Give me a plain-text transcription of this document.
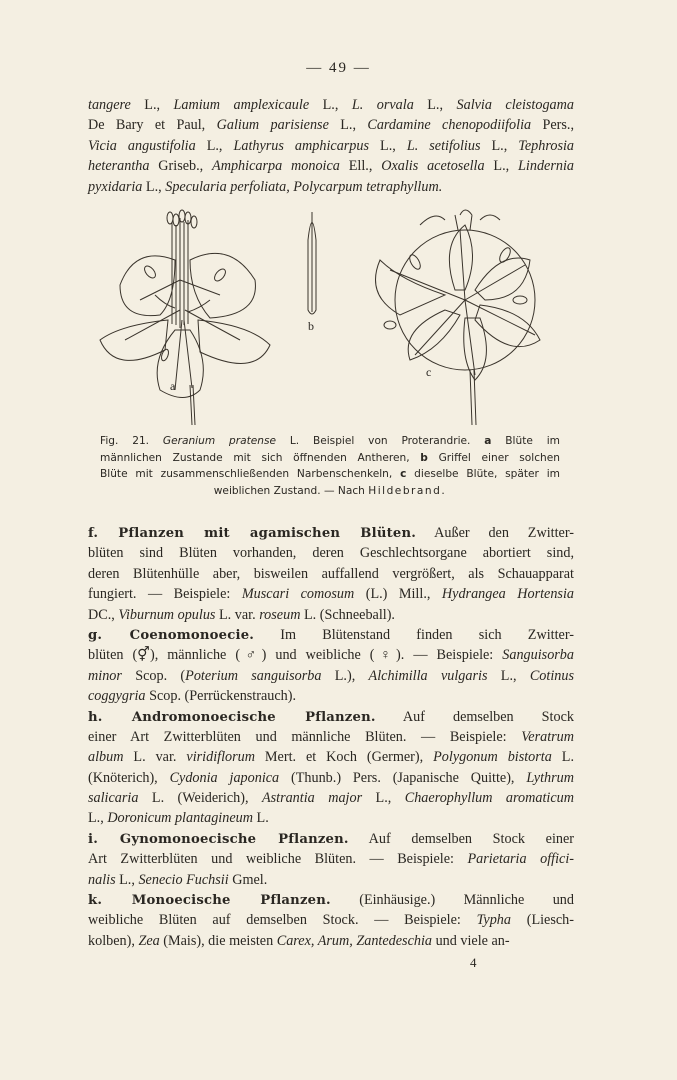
— 49 —
tangere L., Lamium amplexicaule L., L. orvala L., Salvia cleistogama
De Bary et Paul, Galium parisiense L., Cardamine chenopodiifolia Pers.,
Vicia angustifolia L., Lathyrus amphicarpus L., L. setifolius L., Tephrosia
heterantha Griseb., Amphicarpa monoica Ell., Oxalis acetosella L., Lindernia
pyxidaria L., Specularia perfoliata, Polycarpum tetraphyllum.
a
b
c
Fig. 21. Geranium pratense L. Beispiel von Proterandrie. a Blüte im
männlichen Zustande mit sich öffnenden Antheren, b Griffel einer solchen
Blüte mit zusammenschließenden Narbenschenkeln, c dieselbe Blüte, später im
weiblichen Zustand. — Nach Hildebrand.
f. Pflanzen mit agamischen Blüten. Außer den Zwitter-
blüten sind Blüten vorhanden, deren Geschlechtsorgane abortiert sind,
deren Blütenhülle aber, bisweilen auffallend vergrößert, als Schauapparat
fungiert. — Beispiele: Muscari comosum (L.) Mill., Hydrangea Hortensia
DC., Viburnum opulus L. var. roseum L. (Schneeball).
g. Coenomonoecie. Im Blütenstand finden sich Zwitter-
blüten (⚥), männliche (♂) und weibliche (♀). — Beispiele: Sanguisorba
minor Scop. (Poterium sanguisorba L.), Alchimilla vulgaris L., Cotinus
coggygria Scop. (Perrückenstrauch).
h. Andromonoecische Pflanzen. Auf demselben Stock
einer Art Zwitterblüten und männliche Blüten. — Beispiele: Veratrum
album L. var. viridiflorum Mert. et Koch (Germer), Polygonum bistorta L.
(Knöterich), Cydonia japonica (Thunb.) Pers. (Japanische Quitte), Lythrum
salicaria L. (Weiderich), Astrantia major L., Chaerophyllum aromaticum
L., Doronicum plantagineum L.
i. Gynomonoecische Pflanzen. Auf demselben Stock einer
Art Zwitterblüten und weibliche Blüten. — Beispiele: Parietaria offici-
nalis L., Senecio Fuchsii Gmel.
k. Monoecische Pflanzen. (Einhäusige.) Männliche und
weibliche Blüten auf demselben Stock. — Beispiele: Typha (Liesch-
kolben), Zea (Mais), die meisten Carex, Arum, Zantedeschia und viele an-
4
